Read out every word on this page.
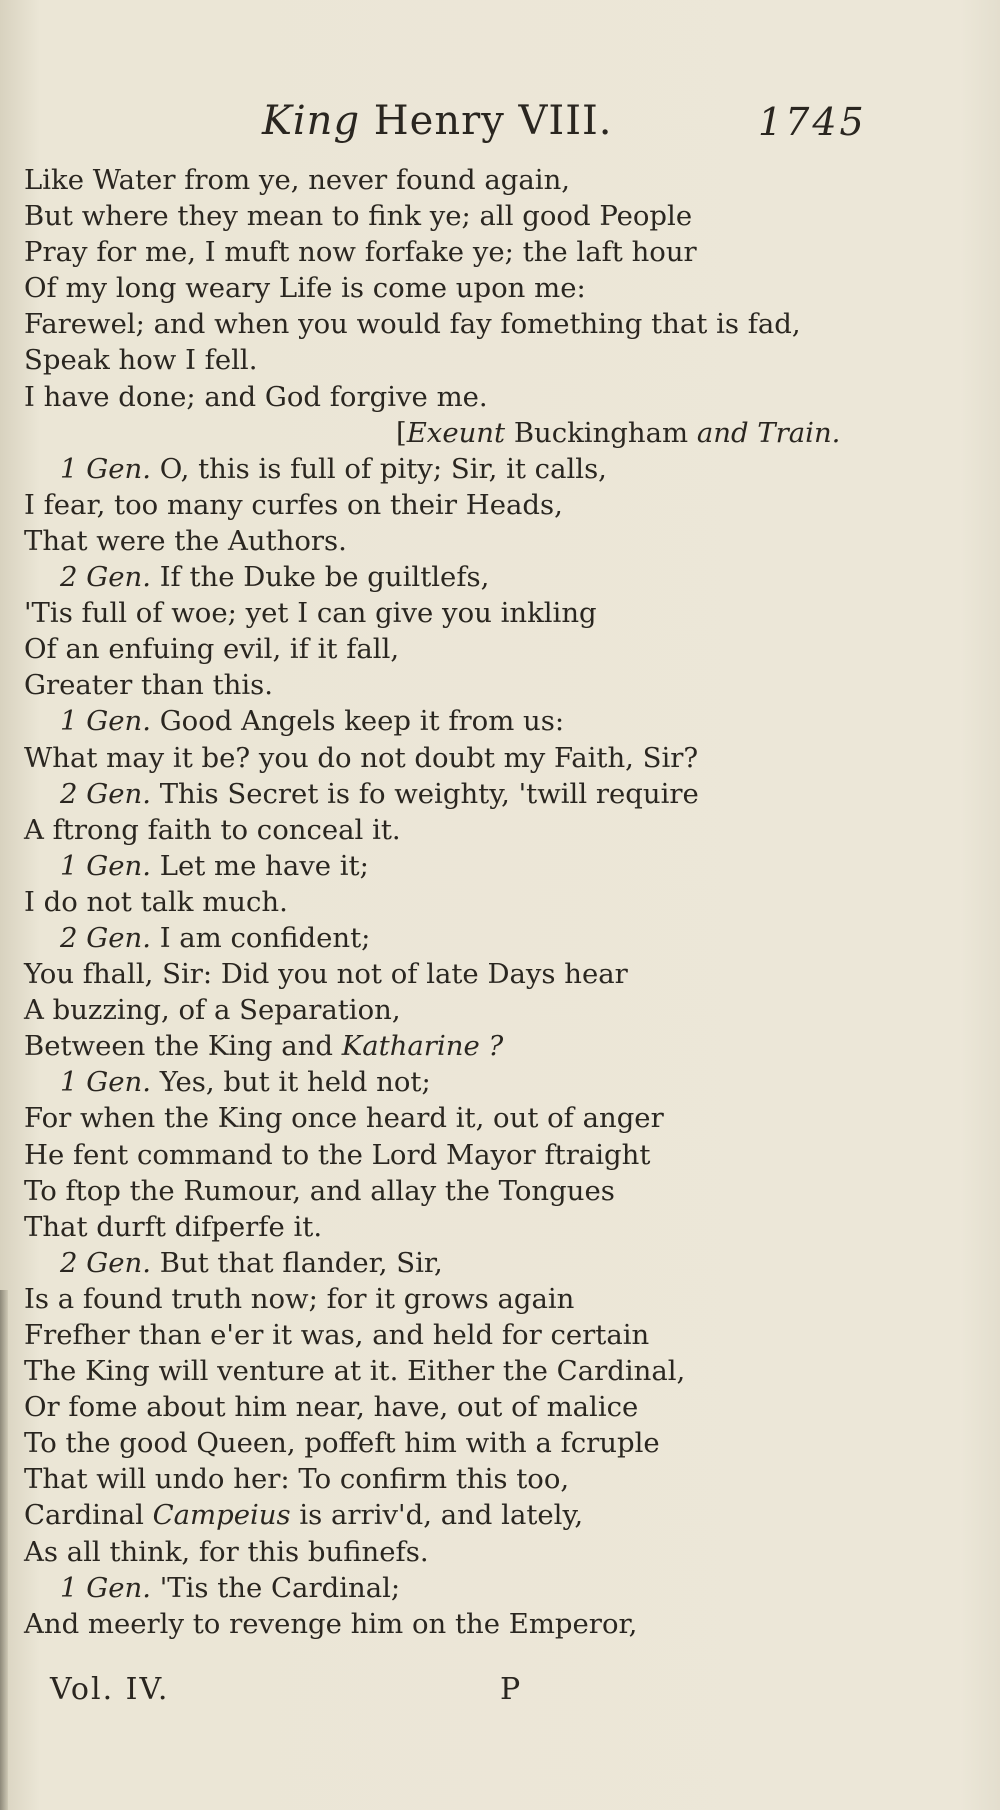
King Henry VIII.	1745
Like Water from ye, never found again,
But where they mean to fink ye; all good People
Pray for me, I muft now forfake ye; the laft hour
Of my long weary Life is come upon me:
Farewel; and when you would fay fomething that is fad,
Speak how I fell.
I have done; and God forgive me.
[Exeunt Buckingham and Train.
1 Gen. O, this is full of pity; Sir, it calls,
I fear, too many curfes on their Heads,
That were the Authors.
2 Gen. If the Duke be guiltlefs,
'Tis full of woe; yet I can give you inkling
Of an enfuing evil, if it fall,
Greater than this.
1 Gen. Good Angels keep it from us:
What may it be? you do not doubt my Faith, Sir?
2 Gen. This Secret is fo weighty, 'twill require
A ftrong faith to conceal it.
1 Gen. Let me have it;
I do not talk much.
2 Gen. I am confident;
You fhall, Sir: Did you not of late Days hear
A buzzing, of a Separation,
Between the King and Katharine ?
1 Gen. Yes, but it held not;
For when the King once heard it, out of anger
He fent command to the Lord Mayor ftraight
To ftop the Rumour, and allay the Tongues
That durft difperfe it.
2 Gen. But that flander, Sir,
Is a found truth now; for it grows again
Frefher than e'er it was, and held for certain
The King will venture at it. Either the Cardinal,
Or fome about him near, have, out of malice
To the good Queen, poffeft him with a fcruple
That will undo her: To confirm this too,
Cardinal Campeius is arriv'd, and lately,
As all think, for this bufinefs.
1 Gen. 'Tis the Cardinal;
And meerly to revenge him on the Emperor,
Vol. IV.	P
